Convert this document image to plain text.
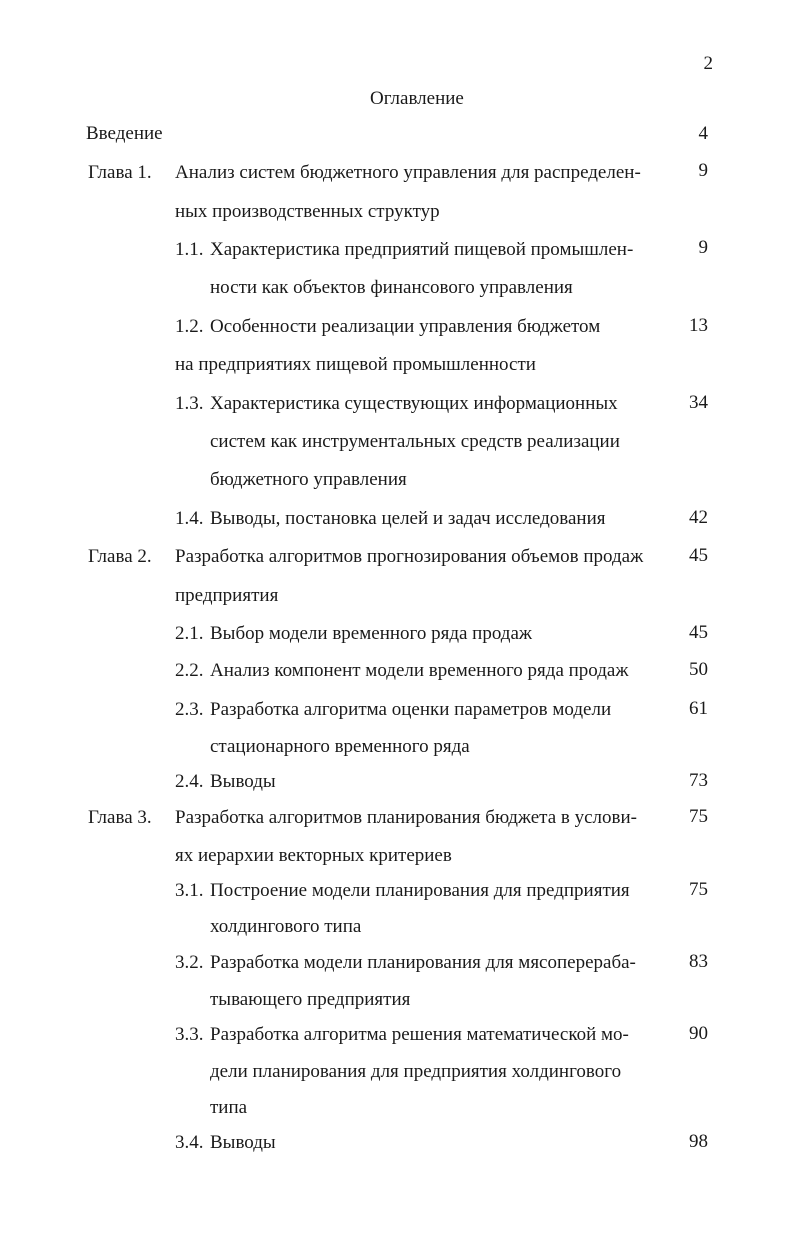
2
Оглавление
Введение	4
Глава 1. Анализ систем бюджетного управления для распределен-	9
ных производственных структур
1.1. Характеристика предприятий пищевой промышлен-	9
ности как объектов финансового управления
1.2. Особенности реализации управления бюджетом	13
на предприятиях пищевой промышленности
1.3. Характеристика существующих информационных	34
систем как инструментальных средств реализации
бюджетного управления
1.4. Выводы, постановка целей и задач исследования	42
Глава 2. Разработка алгоритмов прогнозирования объемов продаж	45
предприятия
2.1. Выбор модели временного ряда продаж	45
2.2. Анализ компонент модели временного ряда продаж	50
2.3. Разработка алгоритма оценки параметров модели	61
стационарного временного ряда
2.4. Выводы	73
Глава 3. Разработка алгоритмов планирования бюджета в услови-	75
ях иерархии векторных критериев
3.1. Построение модели планирования для предприятия	75
холдингового типа
3.2. Разработка модели планирования для мясоперераба-	83
тывающего предприятия
3.3. Разработка алгоритма решения математической мо-	90
дели планирования для предприятия холдингового
типа
3.4. Выводы	98
